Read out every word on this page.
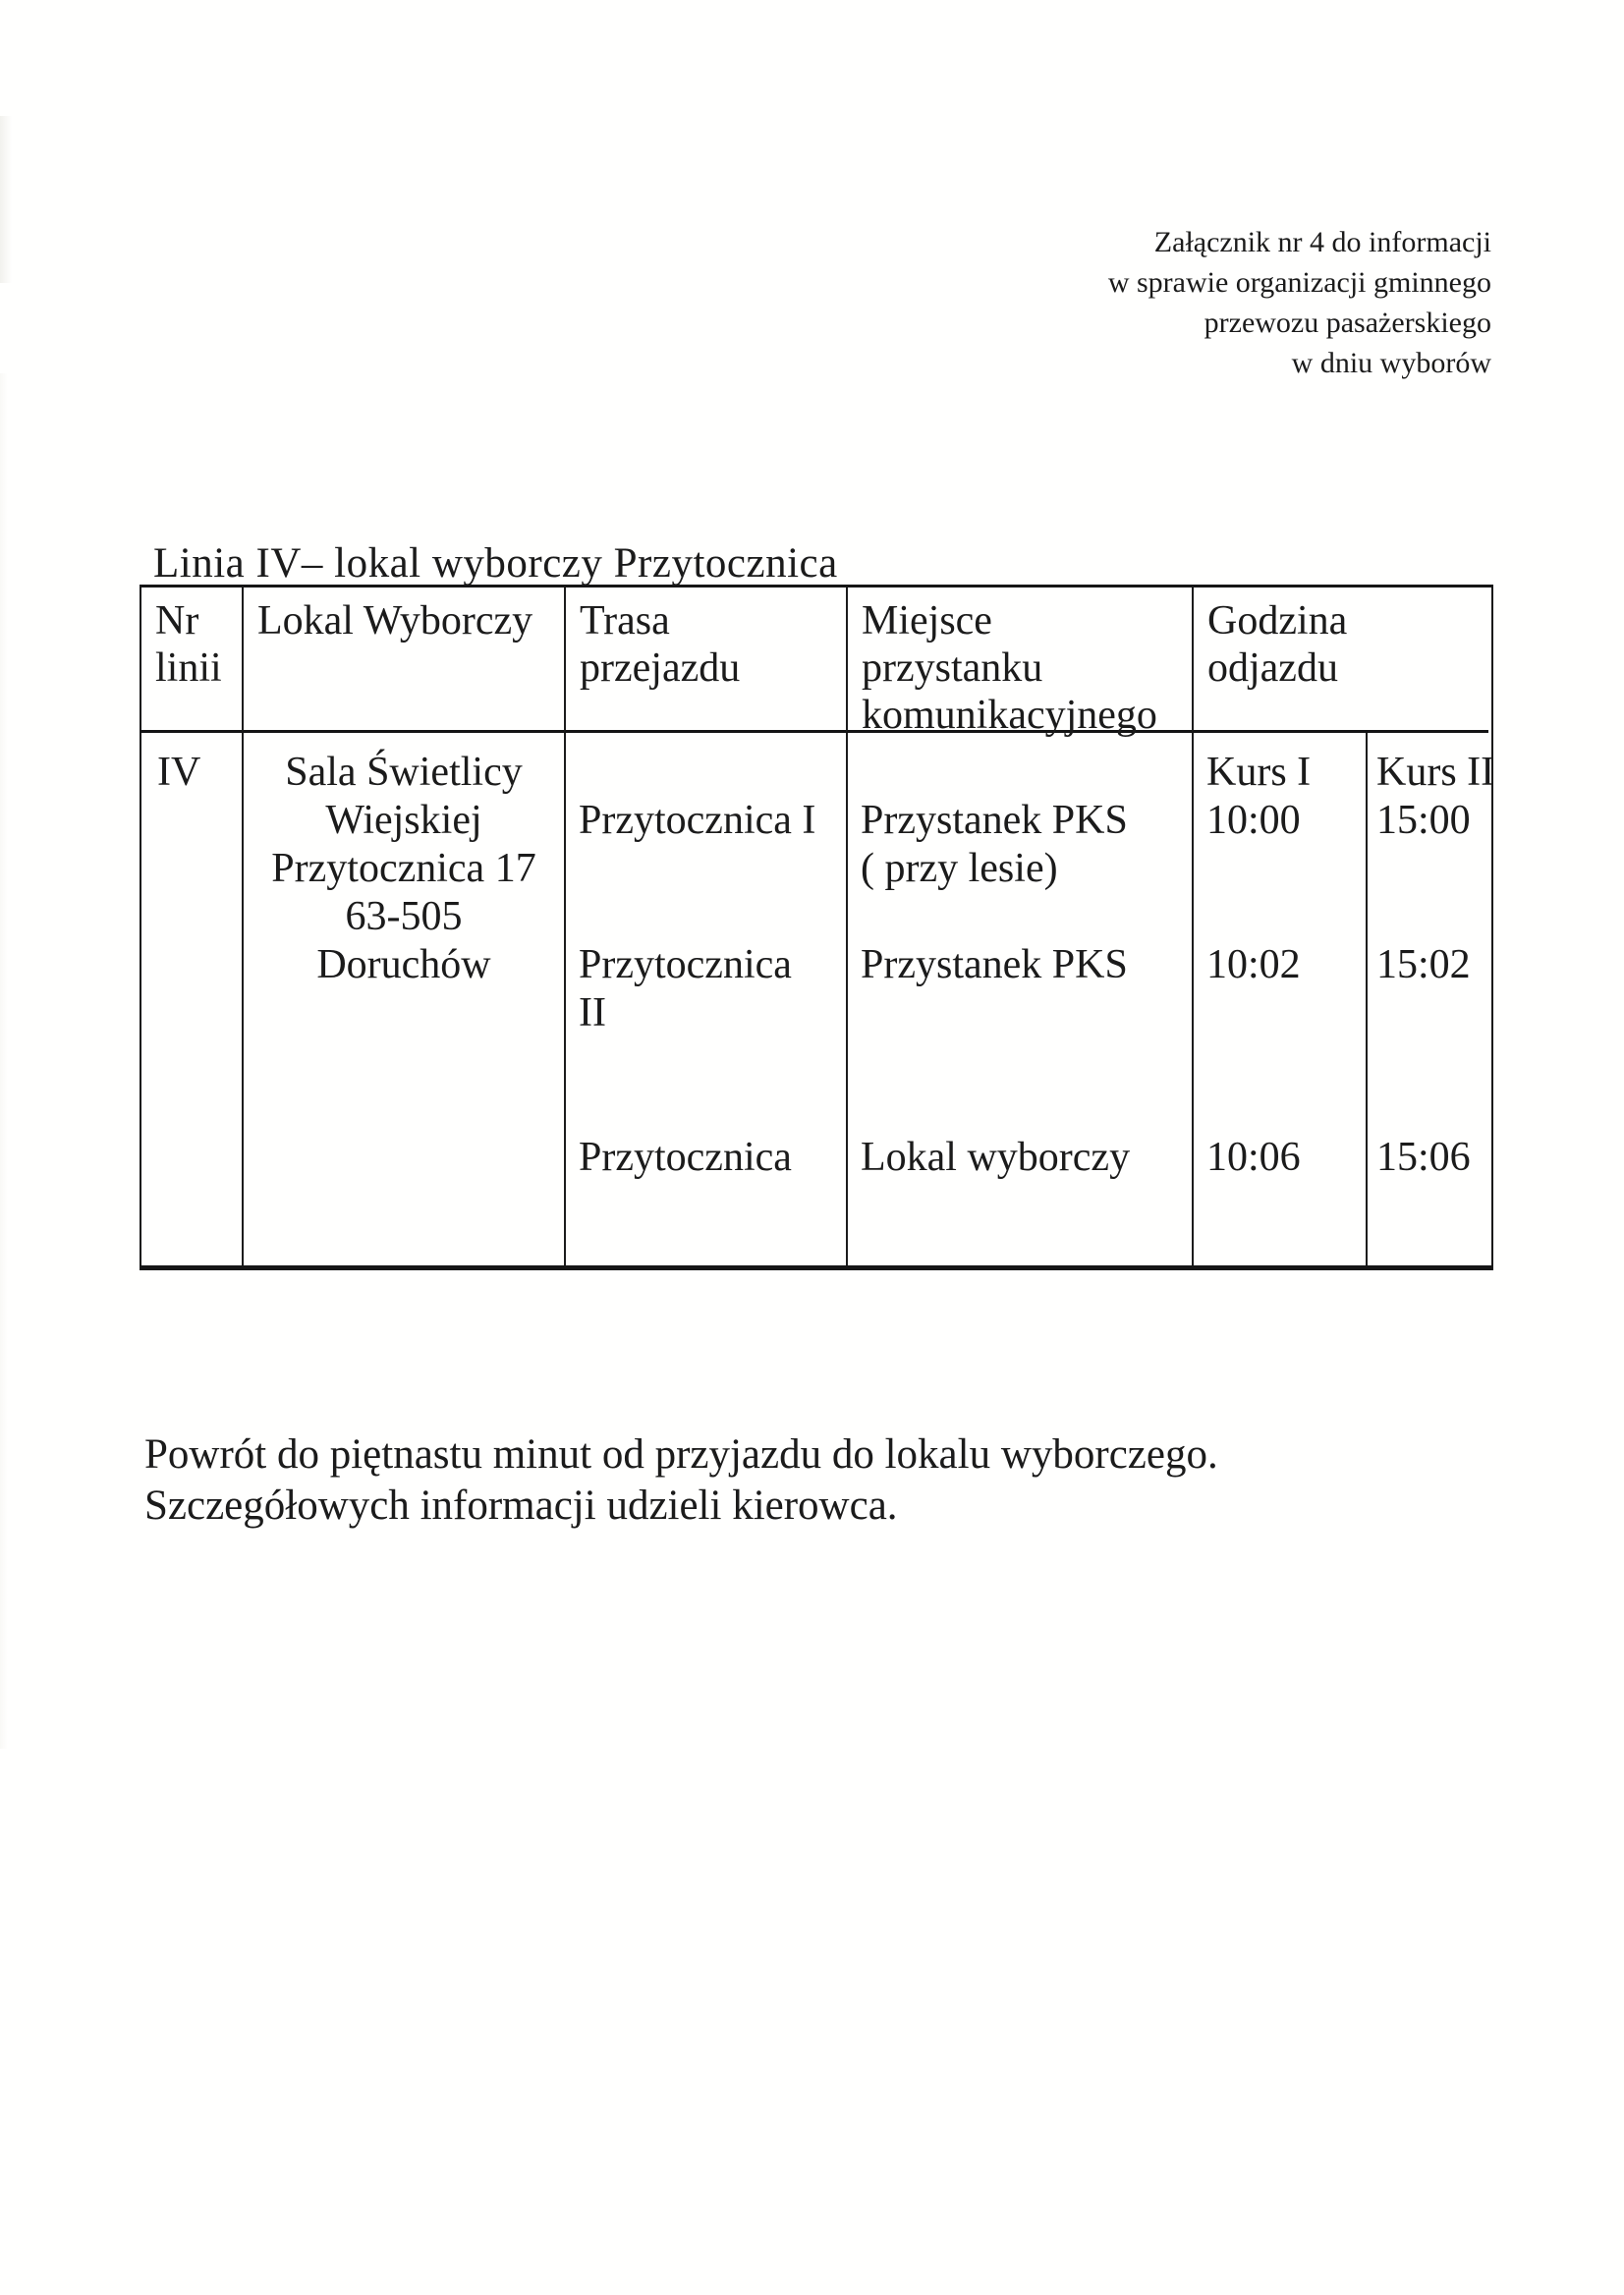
Załącznik nr 4 do informacji
w sprawie organizacji gminnego
przewozu pasażerskiego
w dniu wyborów
Linia IV– lokal wyborczy Przytocznica
Nr
linii
Lokal Wyborczy	Trasa
przejazdu
Miejsce
przystanku
komunikacyjnego
Godzina
odjazdu
IV

	Sala Świetlicy
Wiejskiej
Przytocznica 17
63-505
Doruchów

Przytocznica I

Przytocznica
II

Przytocznica

Przystanek PKS
( przy lesie)

Przystanek PKS

Lokal wyborczy
Kurs I
10:00

10:02

10:06
Kurs II
15:00

15:02

15:06
Powrót do piętnastu minut od przyjazdu do lokalu wyborczego.
Szczegółowych informacji udzieli kierowca.
